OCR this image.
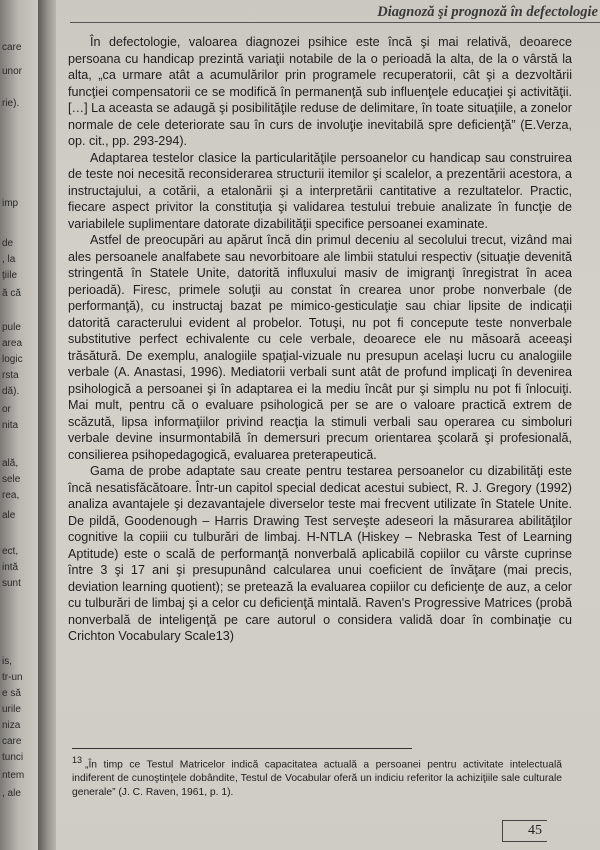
care
unor
rie).
imp
de
, la
țiile
ă că
pule
area
logic
rsta
dă).
or
nita
ală,
sele
rea,
ale
ect,
intă
sunt
is,
tr-un
e să
urile
niza
care
tunci
ntem
, ale
Diagnoză şi prognoză în defectologie

În defectologie, valoarea diagnozei psihice este încă şi mai relativă, deoarece persoana cu handicap prezintă variaţii notabile de la o perioadă la alta, de la o vârstă la alta, „ca urmare atât a acumulărilor prin programele recuperatorii, cât şi a dezvoltării funcţiei compensatorii ce se modifică în permanenţă sub influenţele educaţiei şi activităţii. […] La aceasta se adaugă şi posibilităţile reduse de delimitare, în toate situaţiile, a zonelor normale de cele deteriorate sau în curs de involuţie inevitabilă spre deficienţă” (E.Verza, op. cit., pp. 293-294).

Adaptarea testelor clasice la particularităţile persoanelor cu handicap sau construirea de teste noi necesită reconsiderarea structurii itemilor şi scalelor, a prezentării acestora, a instructajului, a cotării, a etalonării şi a interpretării cantitative a rezultatelor. Practic, fiecare aspect privitor la constituţia şi validarea testului trebuie analizate în funcţie de variabilele suplimentare datorate dizabilităţii specifice persoanei examinate.

Astfel de preocupări au apărut încă din primul deceniu al secolului trecut, vizând mai ales persoanele analfabete sau nevorbitoare ale limbii statului respectiv (situaţie devenită stringentă în Statele Unite, datorită influxului masiv de imigranţi înregistrat în acea perioadă). Firesc, primele soluţii au constat în crearea unor probe nonverbale (de performanţă), cu instructaj bazat pe mimico-gesticulaţie sau chiar lipsite de indicaţii datorită caracterului evident al probelor. Totuşi, nu pot fi concepute teste nonverbale substitutive perfect echivalente cu cele verbale, deoarece ele nu măsoară aceeaşi trăsătură. De exemplu, analogiile spaţial-vizuale nu presupun acelaşi lucru cu analogiile verbale (A. Anastasi, 1996). Mediatorii verbali sunt atât de profund implicaţi în devenirea psihologică a persoanei şi în adaptarea ei la mediu încât pur şi simplu nu pot fi înlocuiţi. Mai mult, pentru că o evaluare psihologică per se are o valoare practică extrem de scăzută, lipsa informaţiilor privind reacţia la stimuli verbali sau operarea cu simboluri verbale devine insurmontabilă în demersuri precum orientarea şcolară şi profesională, consilierea psihopedagogică, evaluarea preterapeutică.

Gama de probe adaptate sau create pentru testarea persoanelor cu dizabilităţi este încă nesatisfăcătoare. Într-un capitol special dedicat acestui subiect, R. J. Gregory (1992) analiza avantajele şi dezavantajele diverselor teste mai frecvent utilizate în Statele Unite. De pildă, Goodenough – Harris Drawing Test serveşte adeseori la măsurarea abilităţilor cognitive la copiii cu tulburări de limbaj. H-NTLA (Hiskey – Nebraska Test of Learning Aptitude) este o scală de performanţă nonverbală aplicabilă copiilor cu vârste cuprinse între 3 şi 17 ani şi presupunând calcularea unui coeficient de învăţare (mai precis, deviation learning quotient); se pretează la evaluarea copiilor cu deficienţe de auz, a celor cu tulburări de limbaj şi a celor cu deficienţă mintală. Raven's Progressive Matrices (probă nonverbală de inteligenţă pe care autorul o considera validă doar în combinaţie cu Crichton Vocabulary Scale13)

13 „În timp ce Testul Matricelor indică capacitatea actuală a persoanei pentru activitate intelectuală indiferent de cunoştinţele dobândite, Testul de Vocabular oferă un indiciu referitor la achiziţiile sale culturale generale” (J. C. Raven, 1961, p. 1).
45
